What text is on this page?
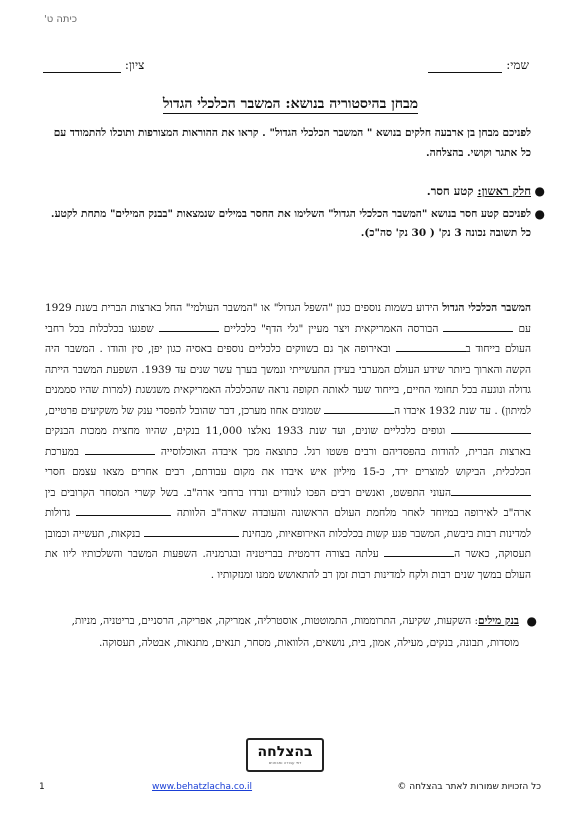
כיתה ט'
שמי:
ציון:
מבחן בהיסטוריה בנושא: המשבר הכלכלי הגדול
לפניכם מבחן בן ארבעה חלקים בנושא " המשבר הכלכלי הגדול" . קראו את ההוראות המצורפות ותוכלו להתמודד עם כל אתגר וקושי. בהצלחה.
●
חלק ראשון: קטע חסר.
●
לפניכם קטע חסר בנושא "המשבר הכלכלי הגדול" השלימו את החסר במילים שנמצאות "בבנק המילים" מתחת לקטע. כל תשובה נכונה 3 נק' ( 30 נק' סה"כ).
המשבר הכלכלי הגדול הידוע בשמות נוספים כגון "השפל הגדול" או "המשבר העולמי" החל בארצות הברית בשנת 1929 עם  הבורסה האמריקאית ויצר מעיין "גלי הדף" כלכליים  שפגעו בכלכלות בכל רחבי העולם בייחוד ב ובאירופה אך גם בשווקים כלכליים נוספים באסיה כגון יפן, סין והודו . המשבר היה הקשה והארוך ביותר שידע העולם המערבי בעידן התעשייתי ונמשך בערך עשר שנים עד 1939. השפעת המשבר הייתה גדולה ונוגעה בכל תחומי החיים, בייחוד שעד לאותה תקופה נראה שהכלכלה האמריקאית משגשגת (למרות שהיו סממנים למיתון) . עד שנת 1932 איבדו ה שמונים אחוז מערכן, דבר שהובל להפסדי ענק של משקיעים פרטיים,  וגופים כלכליים שונים, ועד שנת 1933 נאלצו 11,000 בנקים, שהיוו מחצית ממכות הבנקים בארצות הברית, להודות בהפסדיהם ורבים פשטו רגל. כתוצאה מכך איבדה האוכלוסייה  במערכת הכלכלית, הביקוש למוצרים ירד, כ-15 מיליון איש איבדו את מקום עבודתם, רבים אחרים מצאו עצמם חסרי העוני התפשט, ואנשים רבים הפכו לנוודים ונדדו ברחבי ארה"ב. בשל קשרי המסחר הקרובים בין ארה"ב לאירופה במיוחד לאחר מלחמת העולם הראשונה והעובדה שארה"ב הלוותה  גדולות למדינות רבות ביבשת, המשבר פגע קשות בכלכלות האירופאיות, מבחינת  בנקאות, תעשייה וכמובן תעסוקה, כאשר ה עלתה בצורה דרמטית בבריטניה ובגרמניה. השפעות המשבר והשלכותיו ליוו את העולם במשך שנים רבות ולקח למדינות רבות זמן רב להתאושש ממנו ומנזקותיו .
●
בנק מילים: השקעות, שקיעה, התרוממות, התמוטטות, אוסטרליה, אמריקה, אפריקה, הרסניים, בריטניה, מניות, מוסדות, תבונה, בנקים, מעילה, אמון, בית, נושאים, הלוואות, מסחר, תנאים, מתנאות, אבטלה, תעסוקה.
בהצלחה
דפי עבודה ומבחנים
כל הזכויות שמורות לאתר בהצלחה ©
www.behatzlacha.co.il
1
